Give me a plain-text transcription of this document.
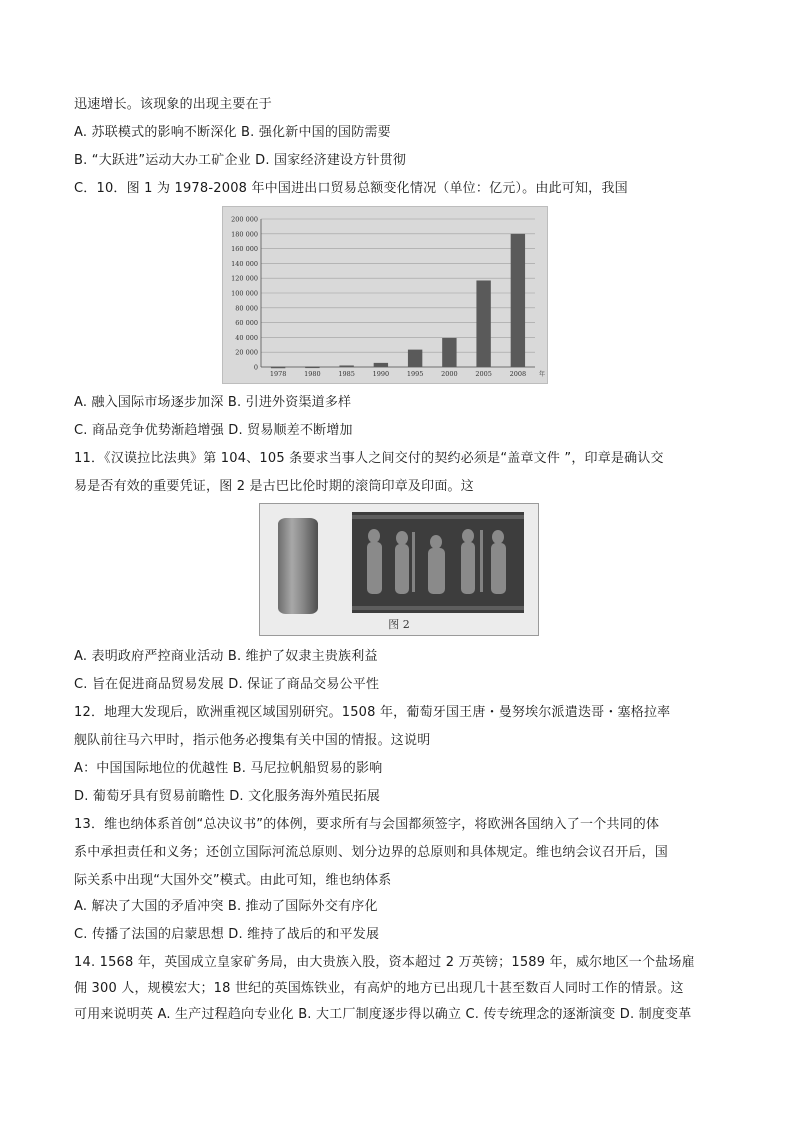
迅速增长。该现象的出现主要在于
A. 苏联模式的影响不断深化 B. 强化新中国的国防需要
B. “大跃进”运动大办工矿企业 D. 国家经济建设方针贯彻
C．10．图 1 为 1978-2008 年中国进出口贸易总额变化情况（单位：亿元）。由此可知，我国
0
20 000
40 000
60 000
80 000
100 000
120 000
140 000
160 000
180 000
200 000
1978	1980	1985	1990	1995	2000	2005	2008 年
A. 融入国际市场逐步加深 B. 引进外资渠道多样
C. 商品竞争优势渐趋增强 D. 贸易顺差不断增加
11．《汉谟拉比法典》第 104、105 条要求当事人之间交付的契约必须是“盖章文件 ”，印章是确认交
易是否有效的重要凭证，图 2 是古巴比伦时期的滚筒印章及印面。这
图 2
A. 表明政府严控商业活动 B. 维护了奴隶主贵族利益
C. 旨在促进商品贸易发展 D. 保证了商品交易公平性
12．地理大发现后，欧洲重视区域国别研究。1508 年，葡萄牙国王唐・曼努埃尔派遣迭哥・塞格拉率
舰队前往马六甲时，指示他务必搜集有关中国的情报。这说明
A：中国国际地位的优越性 B. 马尼拉帆船贸易的影响
D. 葡萄牙具有贸易前瞻性 D. 文化服务海外殖民拓展
13．维也纳体系首创“总决议书”的体例，要求所有与会国都须签字，将欧洲各国纳入了一个共同的体
系中承担责任和义务；还创立国际河流总原则、划分边界的总原则和具体规定。维也纳会议召开后，国
际关系中出现“大国外交”模式。由此可知，维也纳体系
A. 解决了大国的矛盾冲突 B. 推动了国际外交有序化
C. 传播了法国的启蒙思想 D. 维持了战后的和平发展
14. 1568 年，英国成立皇家矿务局，由大贵族入股，资本超过 2 万英镑；1589 年，威尔地区一个盐场雇
佣 300 人，规模宏大；18 世纪的英国炼铁业，有高炉的地方已出现几十甚至数百人同时工作的情景。这
可用来说明英 A. 生产过程趋向专业化 B. 大工厂制度逐步得以确立 C. 传专统理念的逐渐演变 D. 制度变革
